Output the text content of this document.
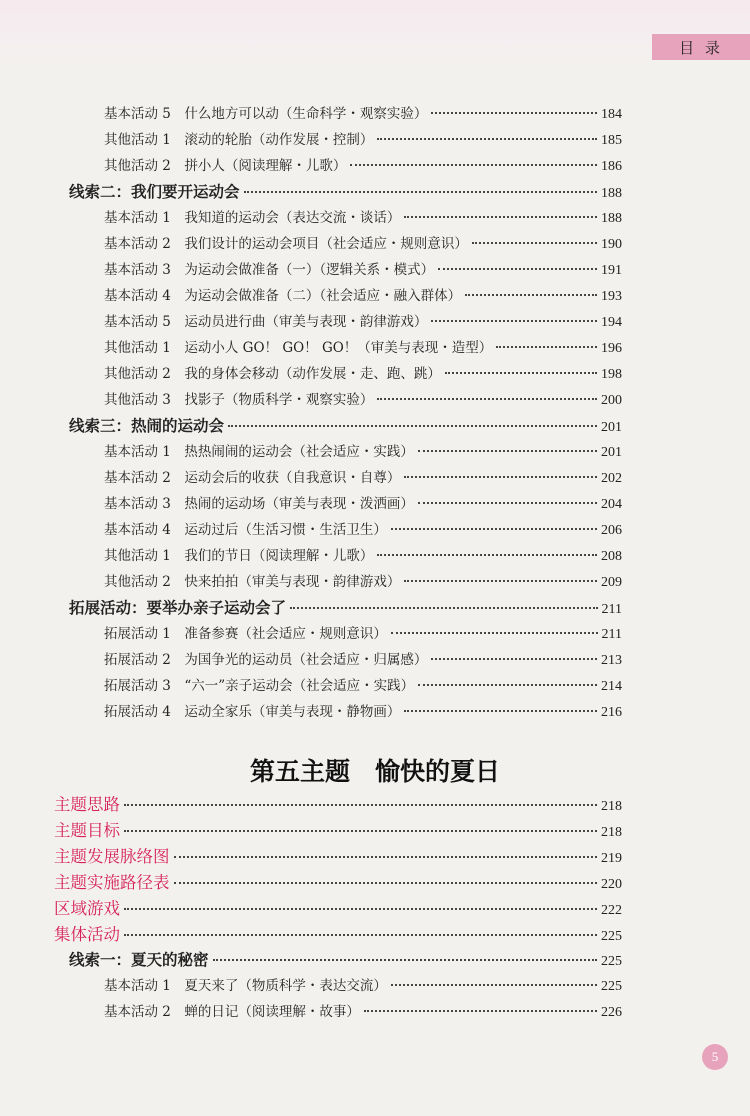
目 录
基本活动 5　什么地方可以动（生命科学・观察实验）	184
其他活动 1　滚动的轮胎（动作发展・控制）	185
其他活动 2　拼小人（阅读理解・儿歌）	186
线索二：我们要开运动会	188
基本活动 1　我知道的运动会（表达交流・谈话）	188
基本活动 2　我们设计的运动会项目（社会适应・规则意识）	190
基本活动 3　为运动会做准备（一）（逻辑关系・模式）	191
基本活动 4　为运动会做准备（二）（社会适应・融入群体）	193
基本活动 5　运动员进行曲（审美与表现・韵律游戏）	194
其他活动 1　运动小人 GO！ GO！ GO！（审美与表现・造型）	196
其他活动 2　我的身体会移动（动作发展・走、跑、跳）	198
其他活动 3　找影子（物质科学・观察实验）	200
线索三：热闹的运动会	201
基本活动 1　热热闹闹的运动会（社会适应・实践）	201
基本活动 2　运动会后的收获（自我意识・自尊）	202
基本活动 3　热闹的运动场（审美与表现・泼洒画）	204
基本活动 4　运动过后（生活习惯・生活卫生）	206
其他活动 1　我们的节日（阅读理解・儿歌）	208
其他活动 2　快来拍拍（审美与表现・韵律游戏）	209
拓展活动：要举办亲子运动会了	211
拓展活动 1　准备参赛（社会适应・规则意识）	211
拓展活动 2　为国争光的运动员（社会适应・归属感）	213
拓展活动 3　“六一”亲子运动会（社会适应・实践）	214
拓展活动 4　运动全家乐（审美与表现・静物画）	216
主题思路	218
主题目标	218
主题发展脉络图	219
主题实施路径表	220
区域游戏	222
集体活动	225
线索一：夏天的秘密	225
基本活动 1　夏天来了（物质科学・表达交流）	225
基本活动 2　蝉的日记（阅读理解・故事）	226
第五主题　愉快的夏日
5
